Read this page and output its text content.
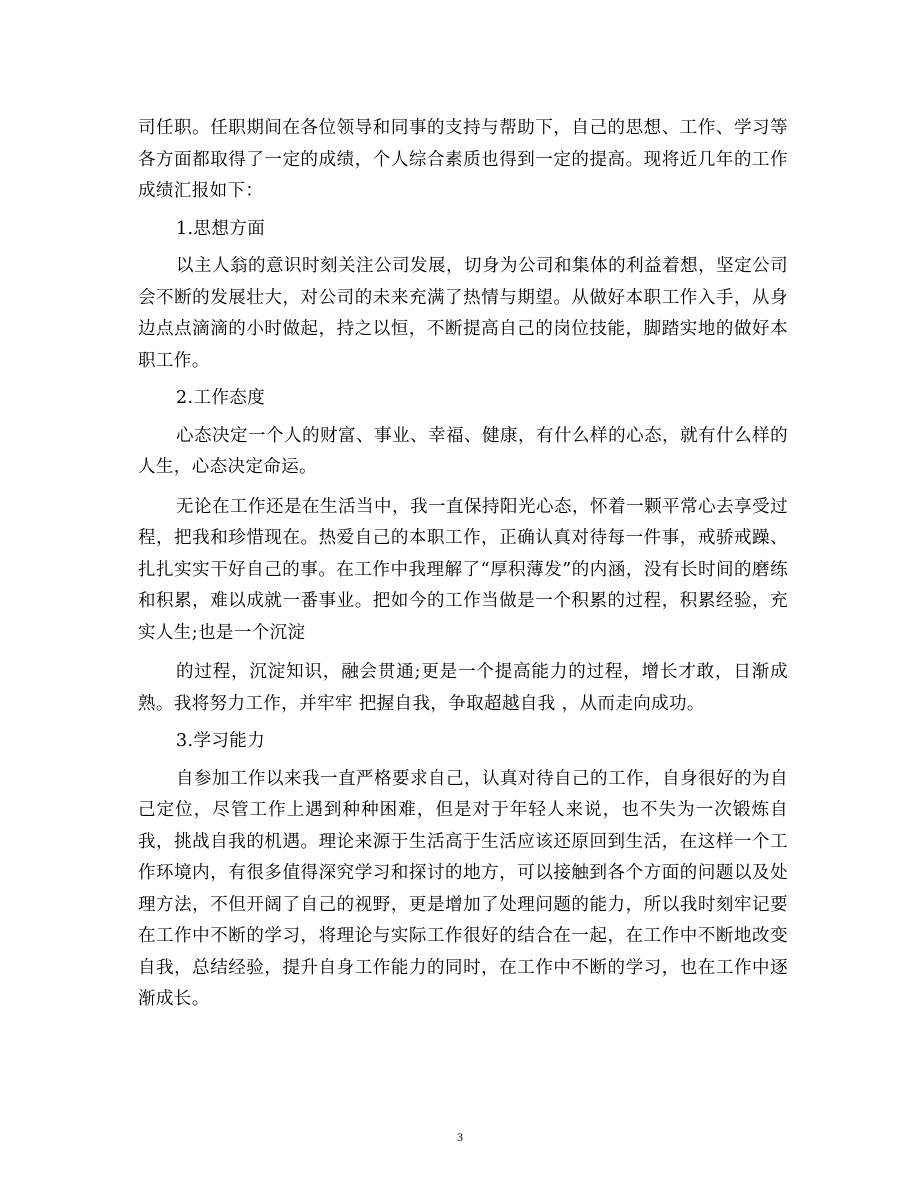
司任职。任职期间在各位领导和同事的支持与帮助下，自己的思想、工作、学习等各方面都取得了一定的成绩，个人综合素质也得到一定的提高。现将近几年的工作成绩汇报如下：

1.思想方面

以主人翁的意识时刻关注公司发展，切身为公司和集体的利益着想，坚定公司会不断的发展壮大，对公司的未来充满了热情与期望。从做好本职工作入手，从身边点点滴滴的小时做起，持之以恒，不断提高自己的岗位技能，脚踏实地的做好本职工作。

2.工作态度

心态决定一个人的财富、事业、幸福、健康，有什么样的心态，就有什么样的人生，心态决定命运。

无论在工作还是在生活当中，我一直保持阳光心态，怀着一颗平常心去享受过程，把我和珍惜现在。热爱自己的本职工作，正确认真对待每一件事，戒骄戒躁、扎扎实实干好自己的事。在工作中我理解了“厚积薄发”的内涵，没有长时间的磨练和积累，难以成就一番事业。把如今的工作当做是一个积累的过程，积累经验，充实人生;也是一个沉淀

的过程，沉淀知识，融会贯通;更是一个提高能力的过程，增长才敢，日渐成熟。我将努力工作，并牢牢 把握自我，争取超越自我 ，从而走向成功。

3.学习能力

自参加工作以来我一直严格要求自己，认真对待自己的工作，自身很好的为自己定位，尽管工作上遇到种种困难，但是对于年轻人来说，也不失为一次锻炼自我，挑战自我的机遇。理论来源于生活高于生活应该还原回到生活，在这样一个工作环境内，有很多值得深究学习和探讨的地方，可以接触到各个方面的问题以及处理方法，不但开阔了自己的视野，更是增加了处理问题的能力，所以我时刻牢记要在工作中不断的学习，将理论与实际工作很好的结合在一起，在工作中不断地改变自我，总结经验，提升自身工作能力的同时，在工作中不断的学习，也在工作中逐渐成长。

3
